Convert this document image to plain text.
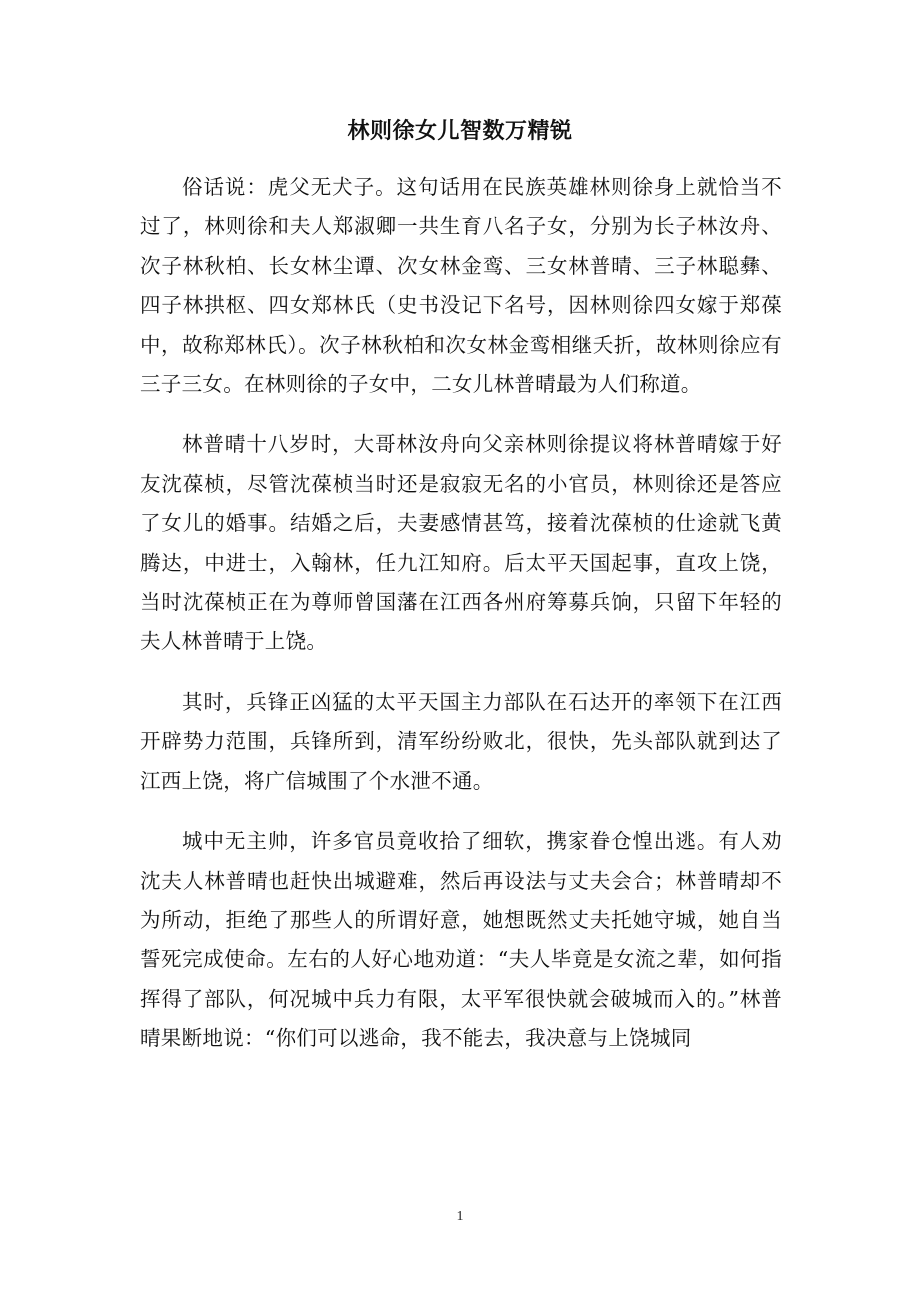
林则徐女儿智数万精锐

俗话说：虎父无犬子。这句话用在民族英雄林则徐身上就恰当不过了，林则徐和夫人郑淑卿一共生育八名子女，分别为长子林汝舟、次子林秋柏、长女林尘谭、次女林金鸾、三女林普晴、三子林聪彝、四子林拱枢、四女郑林氏（史书没记下名号，因林则徐四女嫁于郑葆中，故称郑林氏）。次子林秋柏和次女林金鸾相继夭折，故林则徐应有三子三女。在林则徐的子女中，二女儿林普晴最为人们称道。

林普晴十八岁时，大哥林汝舟向父亲林则徐提议将林普晴嫁于好友沈葆桢，尽管沈葆桢当时还是寂寂无名的小官员，林则徐还是答应了女儿的婚事。结婚之后，夫妻感情甚笃，接着沈葆桢的仕途就飞黄腾达，中进士，入翰林，任九江知府。后太平天国起事，直攻上饶，当时沈葆桢正在为尊师曾国藩在江西各州府筹募兵饷，只留下年轻的夫人林普晴于上饶。

其时，兵锋正凶猛的太平天国主力部队在石达开的率领下在江西开辟势力范围，兵锋所到，清军纷纷败北，很快，先头部队就到达了江西上饶，将广信城围了个水泄不通。

城中无主帅，许多官员竟收拾了细软，携家眷仓惶出逃。有人劝沈夫人林普晴也赶快出城避难，然后再设法与丈夫会合；林普晴却不为所动，拒绝了那些人的所谓好意，她想既然丈夫托她守城，她自当誓死完成使命。左右的人好心地劝道：“夫人毕竟是女流之辈，如何指挥得了部队，何况城中兵力有限，太平军很快就会破城而入的。”林普晴果断地说：“你们可以逃命，我不能去，我决意与上饶城同

1
